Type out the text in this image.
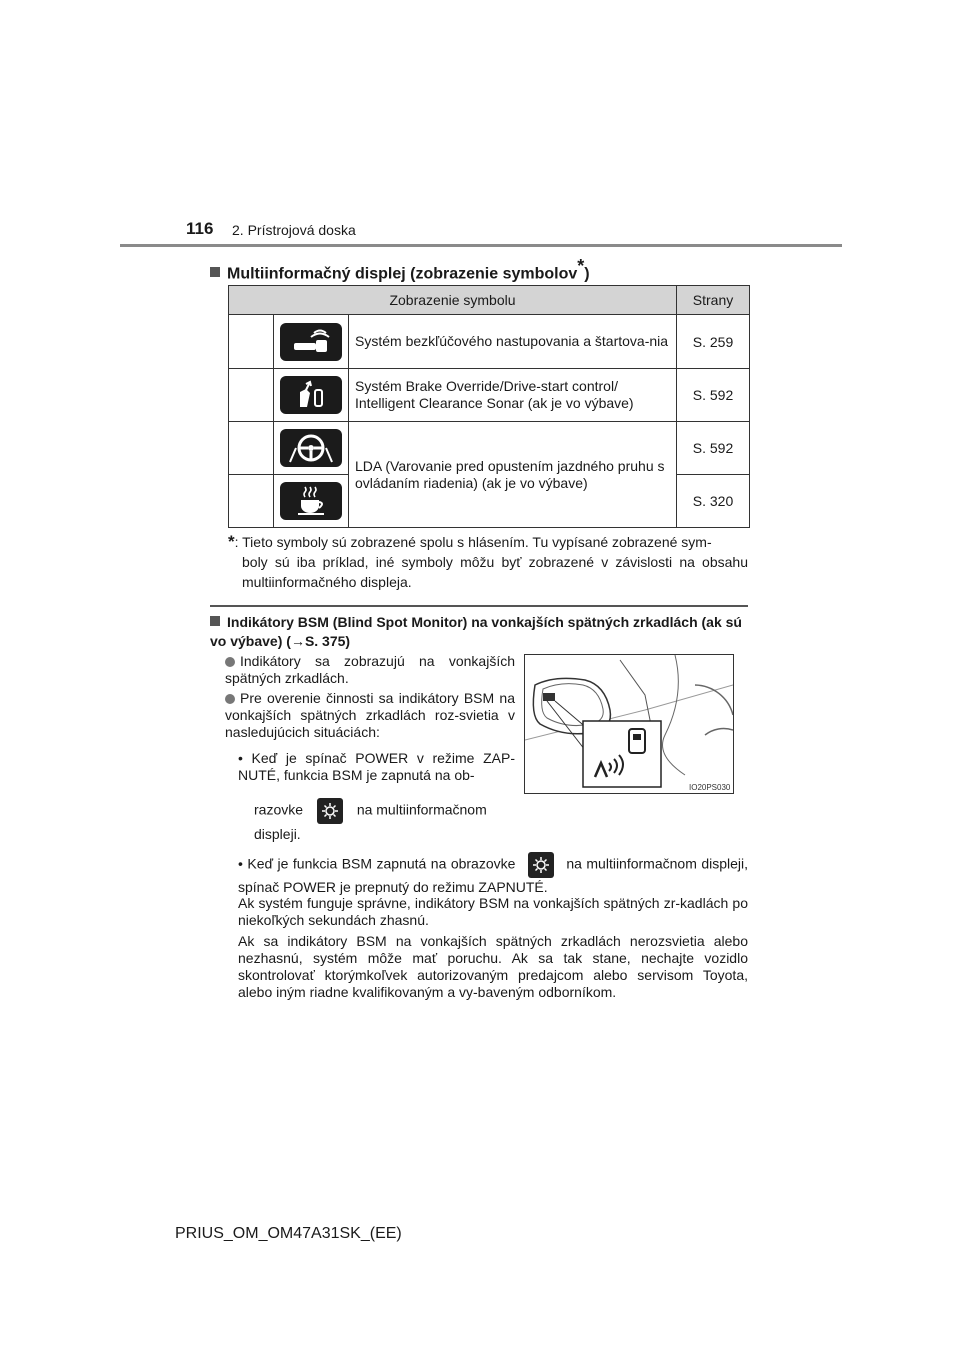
116 2. Prístrojová doska
Multiinformačný displej (zobrazenie symbolov*)
Zobrazenie symbolu			Strany

	Systém bezkľúčového nastupovania a štartova-nia	S. 259

	Systém Brake Override/Drive-start control/ Intelligent Clearance Sonar (ak je vo výbave)	S. 592

	LDA (Varovanie pred opustením jazdného pruhu s ovládaním riadenia) (ak je vo výbave)	S. 592

	S. 320
*: Tieto symboly sú zobrazené spolu s hlásením. Tu vypísané zobrazené sym-
boly sú iba príklad, iné symboly môžu byť zobrazené v závislosti na obsahu multiinformačného displeja.
Indikátory BSM (Blind Spot Monitor) na vonkajších spätných zrkadlách (ak sú vo výbave) (→S. 375)
Indikátory sa zobrazujú na vonkajších spätných zrkadlách.
Pre overenie činnosti sa indikátory BSM na vonkajších spätných zrkadlách roz-svietia v nasledujúcich situáciách:
• Keď je spínač POWER v režime ZAP-NUTÉ, funkcia BSM je zapnutá na ob-
razovke	na multiinformačnom displeji.
• Keď je funkcia BSM zapnutá na obrazovke	na multiinformačnom displeji, spínač POWER je prepnutý do režimu ZAPNUTÉ.
Ak systém funguje správne, indikátory BSM na vonkajších spätných zr-kadlách po niekoľkých sekundách zhasnú.
Ak sa indikátory BSM na vonkajších spätných zrkadlách nerozsvietia alebo nezhasnú, systém môže mať poruchu. Ak sa tak stane, nechajte vozidlo skontrolovať ktorýmkoľvek autorizovaným predajcom alebo servisom Toyota, alebo iným riadne kvalifikovaným a vy-baveným odborníkom.
IO20PS030
PRIUS_OM_OM47A31SK_(EE)
